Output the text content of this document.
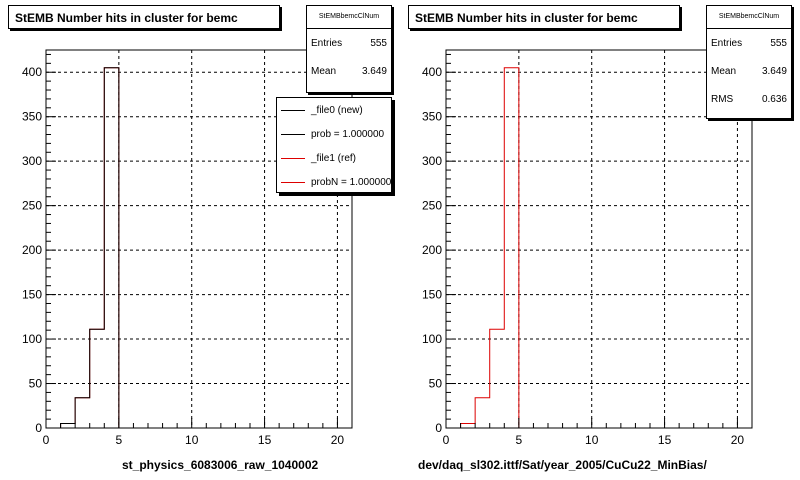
0	5	10	15	20
0
50
100
150
200
250
300
350
400
StEMB Number hits in cluster for bemc	StEMBbemcClNum
Entries	555
Mean	3.649
_file0 (new)
prob = 1.000000
_file1 (ref)
probN = 1.000000
st_physics_6083006_raw_1040002
0	5	10	15	20
0
50
100
150
200
250
300
350
400
StEMB Number hits in cluster for bemc	StEMBbemcClNum
Entries	555
Mean	3.649
RMS	0.636
dev/daq_sl302.ittf/Sat/year_2005/CuCu22_MinBias/
